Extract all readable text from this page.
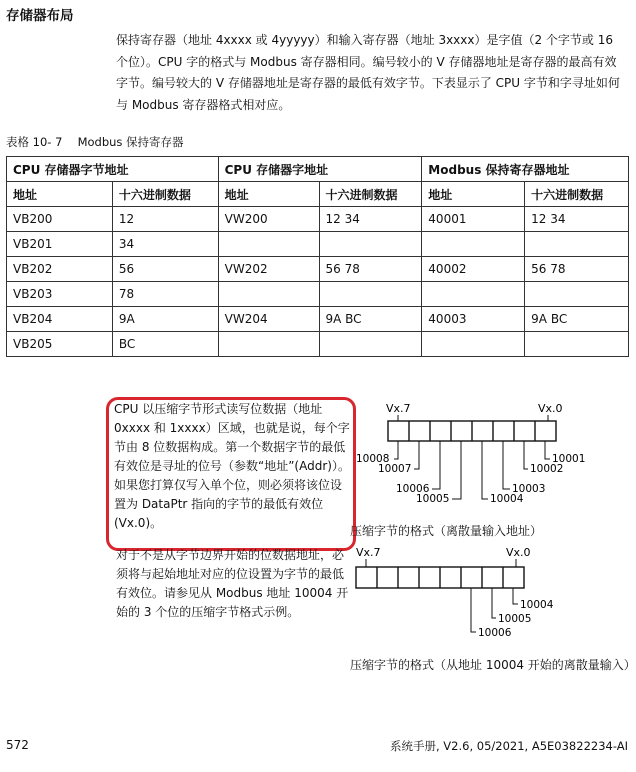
存储器布局
保持寄存器（地址 4xxxx 或 4yyyyy）和输入寄存器（地址 3xxxx）是字值（2 个字节或 16 个位）。CPU 字的格式与 Modbus 寄存器相同。编号较小的 V 存储器地址是寄存器的最高有效字节。编号较大的 V 存储器地址是寄存器的最低有效字节。下表显示了 CPU 字节和字寻址如何与 Modbus 寄存器格式相对应。
表格 10- 7　 Modbus 保持寄存器
CPU 存储器字节地址		CPU 存储器字地址		Modbus 保持寄存器地址	
地址	十六进制数据	地址	十六进制数据	地址	十六进制数据
VB200	12	VW200	12 34	40001	12 34
VB201	34				
VB202	56	VW202	56 78	40002	56 78
VB203	78				
VB204	9A	VW204	9A BC	40003	9A BC
VB205	BC				
CPU 以压缩字节形式读写位数据（地址 0xxxx 和 1xxxx）区域，也就是说，每个字节由 8 位数据构成。第一个数据字节的最低有效位是寻址的位号（参数“地址”(Addr)）。如果您打算仅写入单个位，则必须将该位设置为 DataPtr 指向的字节的最低有效位 (Vx.0)。
对于不是从字节边界开始的位数据地址，必须将与起始地址对应的位设置为字节的最低有效位。请参见从 Modbus 地址 10004 开始的 3 个位的压缩字节格式示例。
Vx.7	Vx.0
10008
10007
10006
10005	10004
10003
10002
10001
压缩字节的格式（离散量输入地址）
Vx.7	Vx.0
10004
10005
10006
压缩字节的格式（从地址 10004 开始的离散量输入）
572	系统手册, V2.6, 05/2021, A5E03822234-AI
